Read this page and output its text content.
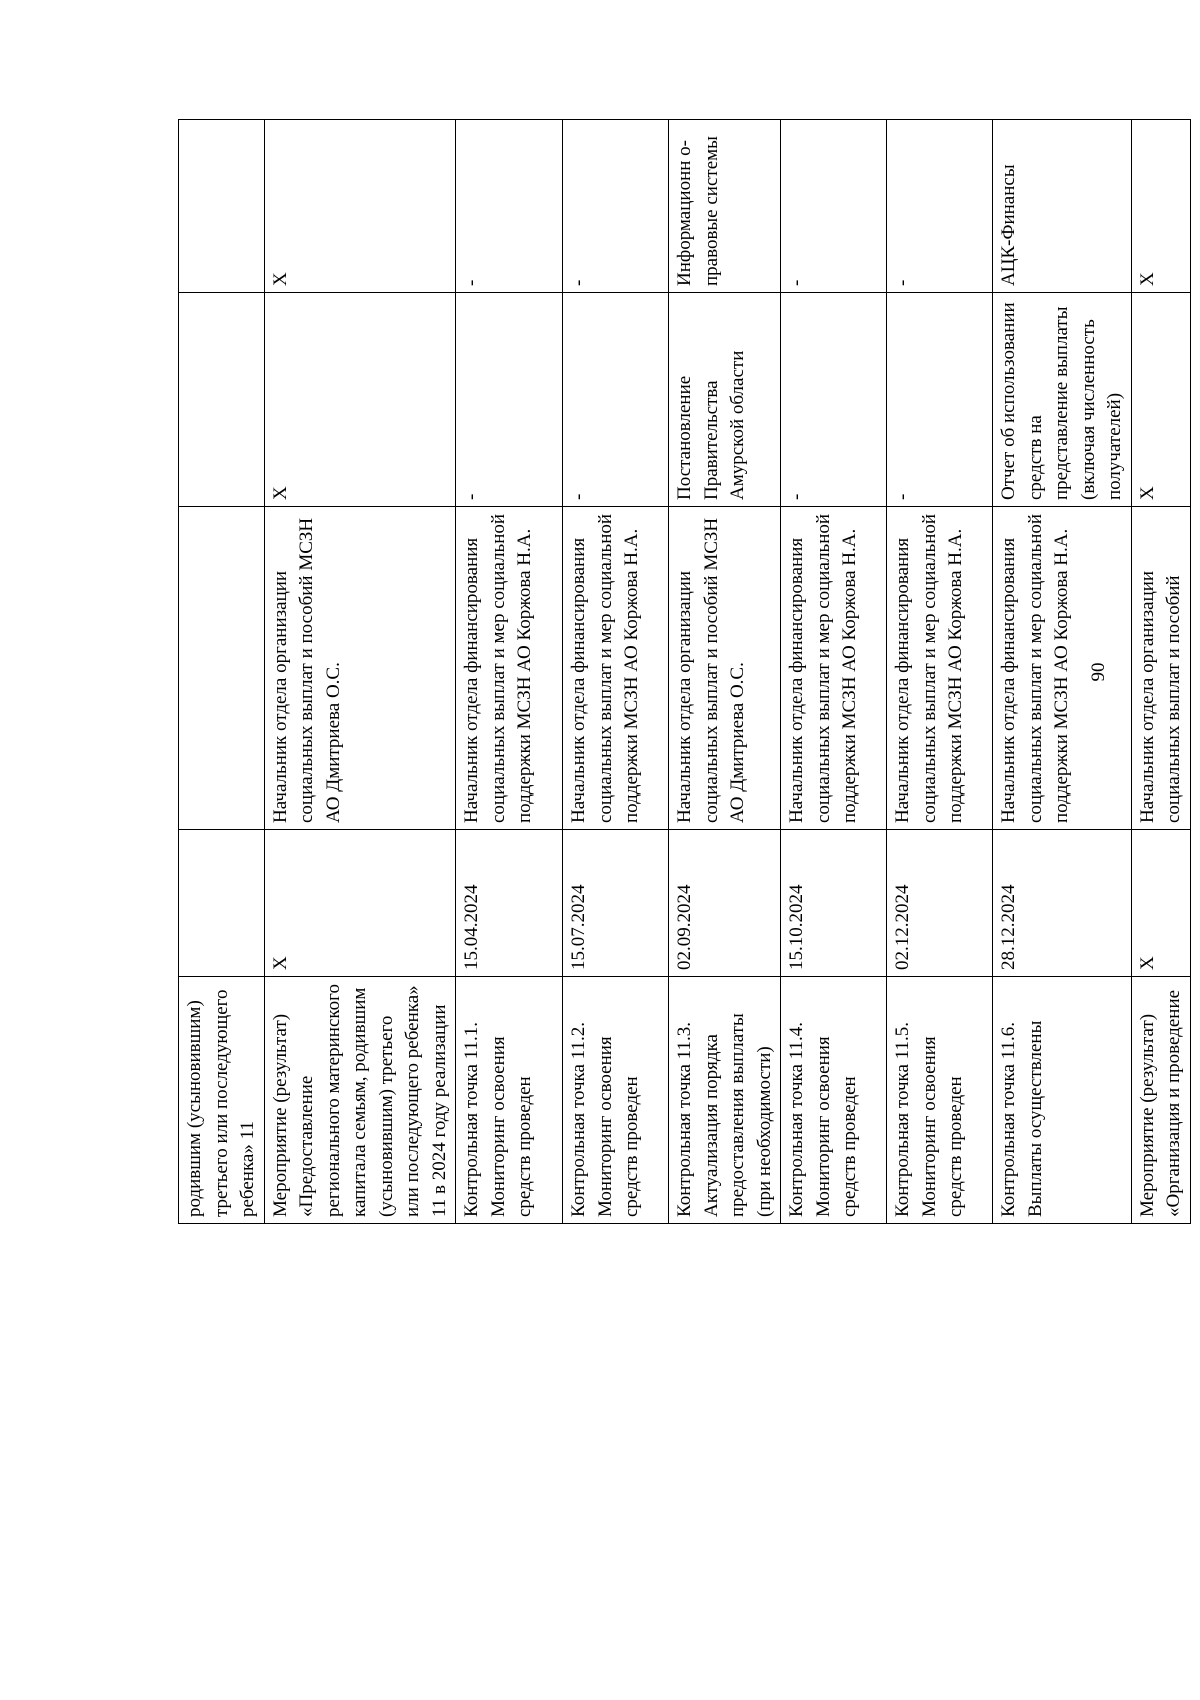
90
родившим (усыновившим) третьего или последующего ребенка» 11				
Мероприятие (результат) «Предоставление регионального материнского капитала семьям, родившим (усыновившим) третьего или последующего ребенка» 11 в 2024 году реализации	Х	Начальник отдела организации социальных выплат и пособий МСЗН АО Дмитриева О.С.	Х	Х
Контрольная точка 11.1. Мониторинг освоения средств проведен	15.04.2024	Начальник отдела финансирования социальных выплат и мер социальной поддержки МСЗН АО Коржова Н.А.	-	-
Контрольная точка 11.2. Мониторинг освоения средств проведен	15.07.2024	Начальник отдела финансирования социальных выплат и мер социальной поддержки МСЗН АО Коржова Н.А.	-	-
Контрольная точка 11.3. Актуализация порядка предоставления выплаты (при необходимости)	02.09.2024	Начальник отдела организации социальных выплат и пособий МСЗН АО Дмитриева О.С.	Постановление Правительства Амурской области	Информационн о-правовые системы
Контрольная точка 11.4. Мониторинг освоения средств проведен	15.10.2024	Начальник отдела финансирования социальных выплат и мер социальной поддержки МСЗН АО Коржова Н.А.	-	-
Контрольная точка 11.5. Мониторинг освоения средств проведен	02.12.2024	Начальник отдела финансирования социальных выплат и мер социальной поддержки МСЗН АО Коржова Н.А.	-	-
Контрольная точка 11.6. Выплаты осуществлены	28.12.2024	Начальник отдела финансирования социальных выплат и мер социальной поддержки МСЗН АО Коржова Н.А.	Отчет об использовании средств на представление выплаты (включая численность получателей)	АЦК-Финансы
Мероприятие (результат) «Организация и проведение	Х	Начальник отдела организации социальных выплат и пособий	Х	Х
